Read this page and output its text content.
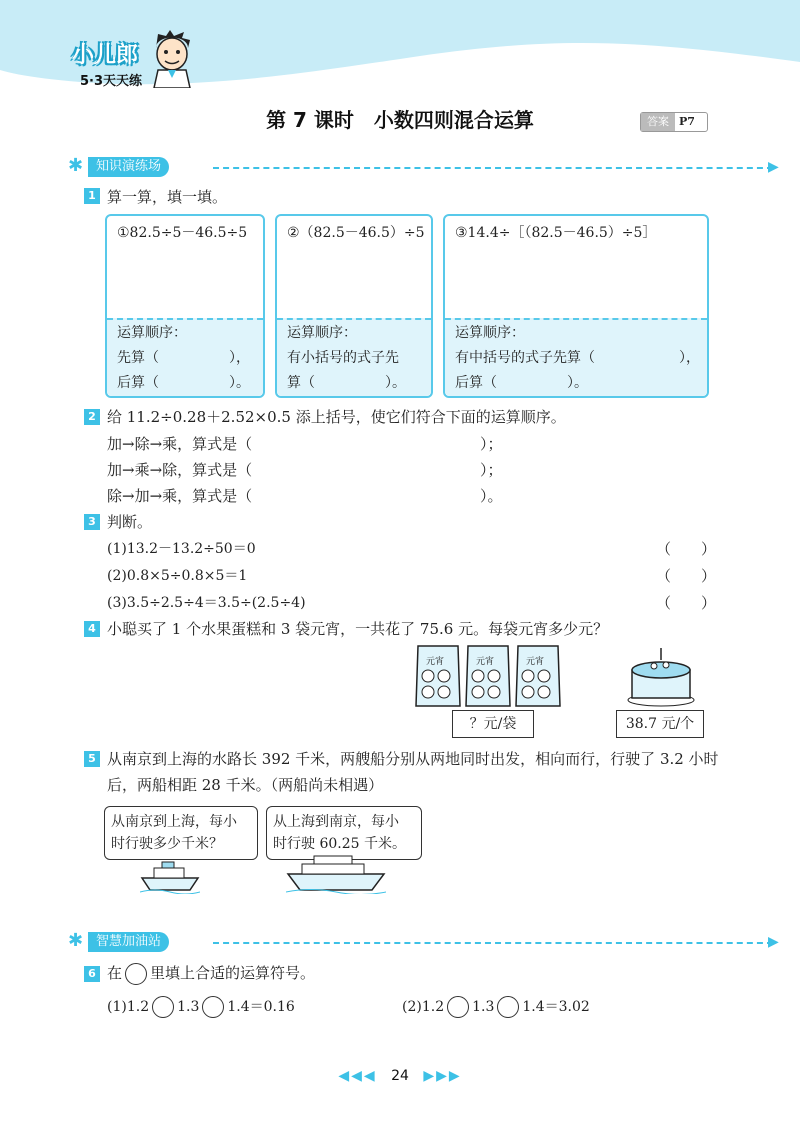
小儿郎
5·3天天练
第 7 课时　小数四则混合运算	答案 P7
✱ 知识演练场	▶
1 算一算，填一填。
①82.5÷5－46.5÷5
运算顺序：
先算（　　　　　），
后算（　　　　　）。
②（82.5－46.5）÷5
运算顺序：
有小括号的式子先
算（　　　　　）。
③14.4÷［（82.5－46.5）÷5］
运算顺序：
有中括号的式子先算（　　　　　　），
后算（　　　　　）。
2 给 11.2÷0.28＋2.52×0.5 添上括号，使它们符合下面的运算顺序。
加→除→乘，算式是（	）；
加→乘→除，算式是（	）；
除→加→乘，算式是（	）。
3 判断。
(1)13.2－13.2÷50＝0	（　　）
(2)0.8×5÷0.8×5＝1	（　　）
(3)3.5÷2.5÷4＝3.5÷(2.5÷4)	（　　）
4 小聪买了 1 个水果蛋糕和 3 袋元宵，一共花了 75.6 元。每袋元宵多少元？
元宵	元宵	元宵
？元/袋	38.7 元/个
5 从南京到上海的水路长 392 千米，两艘船分别从两地同时出发，相向而行，行驶了 3.2 小时
后，两船相距 28 千米。（两船尚未相遇）
从南京到上海，每小
时行驶多少千米？
从上海到南京，每小
时行驶 60.25 千米。
✱ 智慧加油站	▶
6 在 里填上合适的运算符号。
(1)1.2 1.3 1.4＝0.16	(2)1.2 1.3 1.4＝3.02
◀◀◀ 24 ▶▶▶
